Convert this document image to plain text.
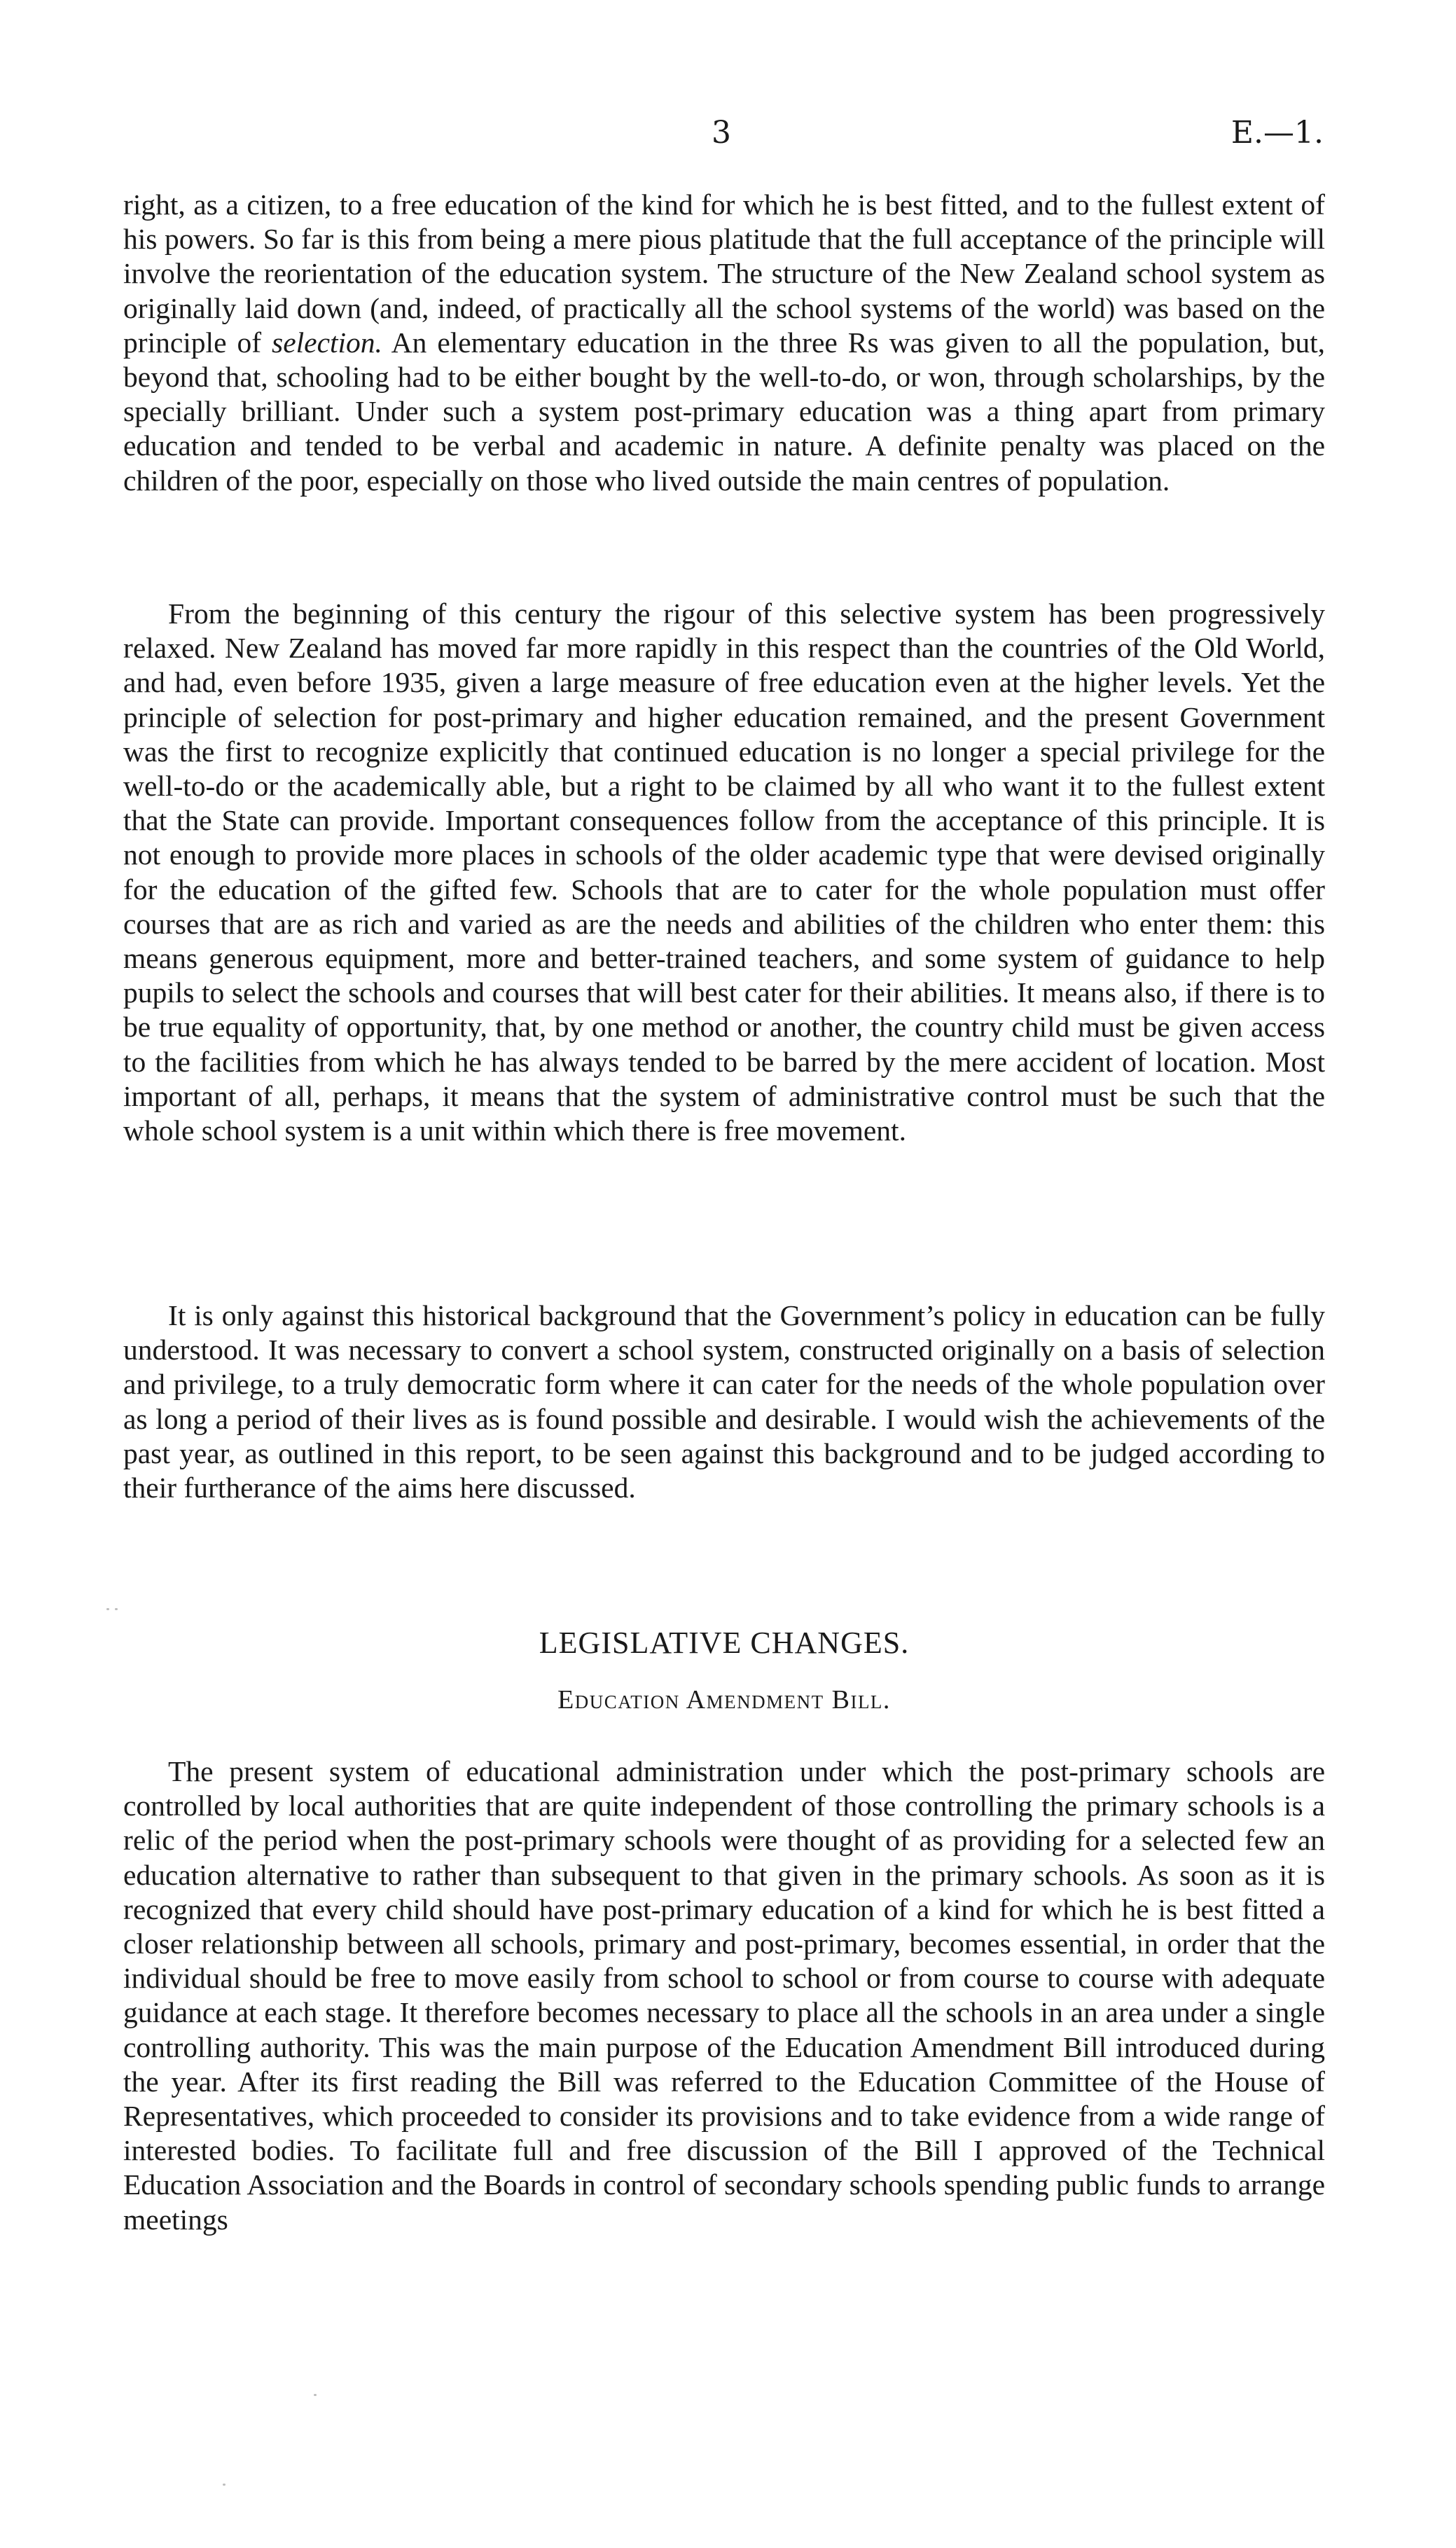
3	E.—1.

right, as a citizen, to a free education of the kind for which he is best fitted, and to the fullest extent of his powers. So far is this from being a mere pious platitude that the full acceptance of the principle will involve the reorientation of the education system. The structure of the New Zealand school system as originally laid down (and, indeed, of practically all the school systems of the world) was based on the principle of selection. An elementary education in the three Rs was given to all the population, but, beyond that, schooling had to be either bought by the well-to-do, or won, through scholarships, by the specially brilliant. Under such a system post-primary education was a thing apart from primary education and tended to be verbal and academic in nature. A definite penalty was placed on the children of the poor, especially on those who lived outside the main centres of population.

From the beginning of this century the rigour of this selective system has been progressively relaxed. New Zealand has moved far more rapidly in this respect than the countries of the Old World, and had, even before 1935, given a large measure of free education even at the higher levels. Yet the principle of selection for post-primary and higher education remained, and the present Government was the first to recognize explicitly that continued education is no longer a special privilege for the well-to-do or the academically able, but a right to be claimed by all who want it to the fullest extent that the State can provide. Important consequences follow from the acceptance of this principle. It is not enough to provide more places in schools of the older academic type that were devised originally for the education of the gifted few. Schools that are to cater for the whole population must offer courses that are as rich and varied as are the needs and abilities of the children who enter them: this means generous equipment, more and better-trained teachers, and some system of guidance to help pupils to select the schools and courses that will best cater for their abilities. It means also, if there is to be true equality of opportunity, that, by one method or another, the country child must be given access to the facilities from which he has always tended to be barred by the mere accident of location. Most important of all, perhaps, it means that the system of administrative control must be such that the whole school system is a unit within which there is free movement.

It is only against this historical background that the Government’s policy in education can be fully understood. It was necessary to convert a school system, constructed originally on a basis of selection and privilege, to a truly democratic form where it can cater for the needs of the whole population over as long a period of their lives as is found possible and desirable. I would wish the achievements of the past year, as outlined in this report, to be seen against this background and to be judged according to their furtherance of the aims here discussed.

LEGISLATIVE CHANGES.
Education Amendment Bill.

The present system of educational administration under which the post-primary schools are controlled by local authorities that are quite independent of those controlling the primary schools is a relic of the period when the post-primary schools were thought of as providing for a selected few an education alternative to rather than subsequent to that given in the primary schools. As soon as it is recognized that every child should have post-primary education of a kind for which he is best fitted a closer relationship between all schools, primary and post-primary, becomes essential, in order that the individual should be free to move easily from school to school or from course to course with adequate guidance at each stage. It therefore becomes necessary to place all the schools in an area under a single controlling authority. This was the main purpose of the Education Amendment Bill introduced during the year. After its first reading the Bill was referred to the Education Committee of the House of Representatives, which proceeded to consider its provisions and to take evidence from a wide range of interested bodies. To facilitate full and free discussion of the Bill I approved of the Technical Education Association and the Boards in control of secondary schools spending public funds to arrange meetings
